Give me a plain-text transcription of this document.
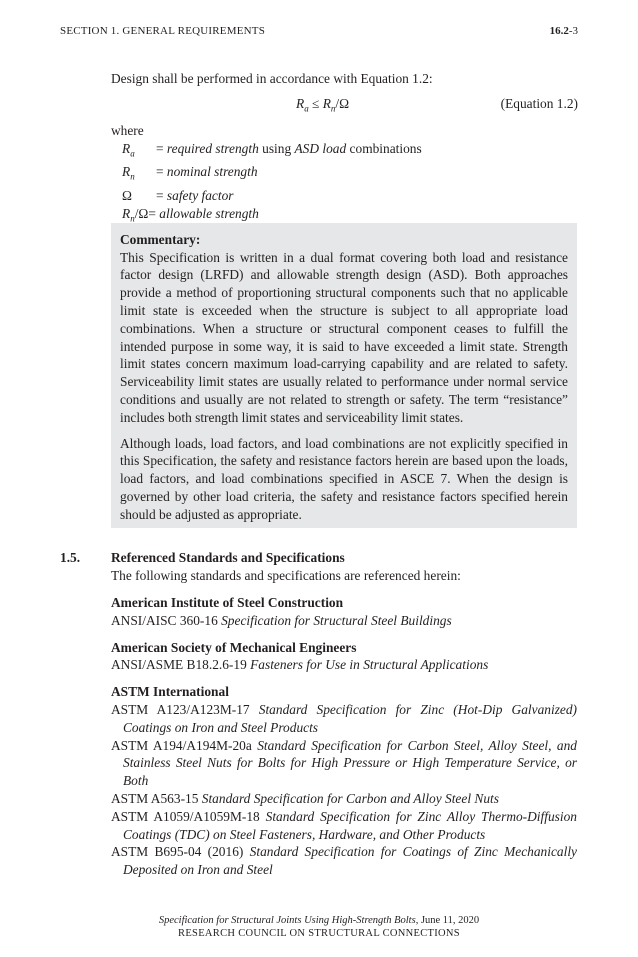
SECTION 1. GENERAL REQUIREMENTS	16.2-3
Design shall be performed in accordance with Equation 1.2:
$R_a \le R_n/\Omega$	(Equation 1.2)
where
$R_a$	= required strength using ASD load combinations
$R_n$	= nominal strength
Ω	= safety factor
$R_n/\Omega$ = allowable strength
Commentary:

This Specification is written in a dual format covering both load and resistance factor design (LRFD) and allowable strength design (ASD). Both approaches provide a method of proportioning structural components such that no applicable limit state is exceeded when the structure is subject to all appropriate load combinations. When a structure or structural component ceases to fulfill the intended purpose in some way, it is said to have exceeded a limit state. Strength limit states concern maximum load-carrying capability and are related to safety. Serviceability limit states are usually related to performance under normal service conditions and usually are not related to strength or safety. The term “resistance” includes both strength limit states and serviceability limit states.

Although loads, load factors, and load combinations are not explicitly specified in this Specification, the safety and resistance factors herein are based upon the loads, load factors, and load combinations specified in ASCE 7. When the design is governed by other load criteria, the safety and resistance factors specified herein should be adjusted as appropriate.

1.5. Referenced Standards and Specifications
The following standards and specifications are referenced herein:
American Institute of Steel Construction
ANSI/AISC 360-16 Specification for Structural Steel Buildings
American Society of Mechanical Engineers
ANSI/ASME B18.2.6-19 Fasteners for Use in Structural Applications
ASTM International
ASTM A123/A123M-17 Standard Specification for Zinc (Hot-Dip Galvanized) Coatings on Iron and Steel Products
ASTM A194/A194M-20a Standard Specification for Carbon Steel, Alloy Steel, and Stainless Steel Nuts for Bolts for High Pressure or High Temperature Service, or Both
ASTM A563-15 Standard Specification for Carbon and Alloy Steel Nuts
ASTM A1059/A1059M-18 Standard Specification for Zinc Alloy Thermo-Diffusion Coatings (TDC) on Steel Fasteners, Hardware, and Other Products
ASTM B695-04 (2016) Standard Specification for Coatings of Zinc Mechanically Deposited on Iron and Steel
Specification for Structural Joints Using High-Strength Bolts, June 11, 2020
RESEARCH COUNCIL ON STRUCTURAL CONNECTIONS
